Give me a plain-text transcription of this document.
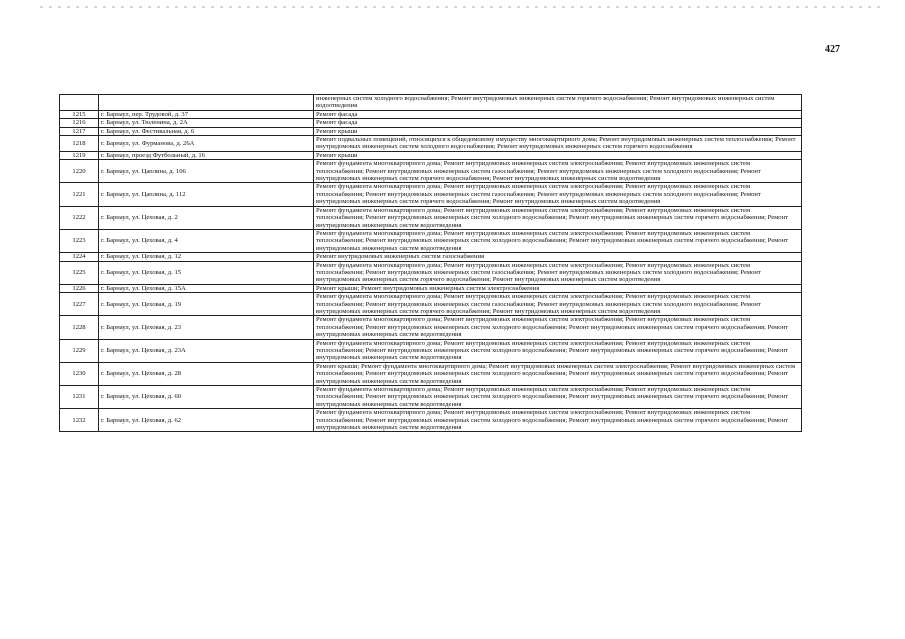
427
		инженерных систем холодного водоснабжения; Ремонт внутридомовых инженерных систем горячего водоснабжения; Ремонт внутридомовых инженерных систем водоотведения
1215	г. Барнаул, пер. Трудовой, д. 37	Ремонт фасада
1216	г. Барнаул, ул. Тюленина, д. 2А	Ремонт фасада
1217	г. Барнаул, ул. Фестивальная, д. 6	Ремонт крыши
1218	г. Барнаул, ул. Фурманова, д. 26А	Ремонт подвальных помещений, относящихся к общедомовому имуществу многоквартирного дома; Ремонт внутридомовых инженерных систем теплоснабжения; Ремонт внутридомовых инженерных систем холодного водоснабжения; Ремонт внутридомовых инженерных систем горячего водоснабжения
1219	г. Барнаул, проезд Футбольный, д. 16	Ремонт крыши
1220	г. Барнаул, ул. Цаплина, д. 106	Ремонт фундамента многоквартирного дома; Ремонт внутридомовых инженерных систем электроснабжения; Ремонт внутридомовых инженерных систем теплоснабжения; Ремонт внутридомовых инженерных систем газоснабжения; Ремонт внутридомовых инженерных систем холодного водоснабжения; Ремонт внутридомовых инженерных систем горячего водоснабжения; Ремонт внутридомовых инженерных систем водоотведения
1221	г. Барнаул, ул. Цаплина, д. 112	Ремонт фундамента многоквартирного дома; Ремонт внутридомовых инженерных систем электроснабжения; Ремонт внутридомовых инженерных систем теплоснабжения; Ремонт внутридомовых инженерных систем газоснабжения; Ремонт внутридомовых инженерных систем холодного водоснабжения; Ремонт внутридомовых инженерных систем горячего водоснабжения; Ремонт внутридомовых инженерных систем водоотведения
1222	г. Барнаул, ул. Цеховая, д. 2	Ремонт фундамента многоквартирного дома; Ремонт внутридомовых инженерных систем электроснабжения; Ремонт внутридомовых инженерных систем теплоснабжения; Ремонт внутридомовых инженерных систем холодного водоснабжения; Ремонт внутридомовых инженерных систем горячего водоснабжения; Ремонт внутридомовых инженерных систем водоотведения
1223	г. Барнаул, ул. Цеховая, д. 4	Ремонт фундамента многоквартирного дома; Ремонт внутридомовых инженерных систем электроснабжения; Ремонт внутридомовых инженерных систем теплоснабжения; Ремонт внутридомовых инженерных систем холодного водоснабжения; Ремонт внутридомовых инженерных систем горячего водоснабжения; Ремонт внутридомовых инженерных систем водоотведения
1224	г. Барнаул, ул. Цеховая, д. 12	Ремонт внутридомовых инженерных систем газоснабжения
1225	г. Барнаул, ул. Цеховая, д. 15	Ремонт фундамента многоквартирного дома; Ремонт внутридомовых инженерных систем электроснабжения; Ремонт внутридомовых инженерных систем теплоснабжения; Ремонт внутридомовых инженерных систем газоснабжения; Ремонт внутридомовых инженерных систем холодного водоснабжения; Ремонт внутридомовых инженерных систем горячего водоснабжения; Ремонт внутридомовых инженерных систем водоотведения
1226	г. Барнаул, ул. Цеховая, д. 15А	Ремонт крыши; Ремонт внутридомовых инженерных систем электроснабжения
1227	г. Барнаул, ул. Цеховая, д. 19	Ремонт фундамента многоквартирного дома; Ремонт внутридомовых инженерных систем электроснабжения; Ремонт внутридомовых инженерных систем теплоснабжения; Ремонт внутридомовых инженерных систем газоснабжения; Ремонт внутридомовых инженерных систем холодного водоснабжения; Ремонт внутридомовых инженерных систем горячего водоснабжения; Ремонт внутридомовых инженерных систем водоотведения
1228	г. Барнаул, ул. Цеховая, д. 23	Ремонт фундамента многоквартирного дома; Ремонт внутридомовых инженерных систем электроснабжения; Ремонт внутридомовых инженерных систем теплоснабжения; Ремонт внутридомовых инженерных систем холодного водоснабжения; Ремонт внутридомовых инженерных систем горячего водоснабжения; Ремонт внутридомовых инженерных систем водоотведения
1229	г. Барнаул, ул. Цеховая, д. 23А	Ремонт фундамента многоквартирного дома; Ремонт внутридомовых инженерных систем электроснабжения; Ремонт внутридомовых инженерных систем теплоснабжения; Ремонт внутридомовых инженерных систем холодного водоснабжения; Ремонт внутридомовых инженерных систем горячего водоснабжения; Ремонт внутридомовых инженерных систем водоотведения
1230	г. Барнаул, ул. Цеховая, д. 28	Ремонт крыши; Ремонт фундамента многоквартирного дома; Ремонт внутридомовых инженерных систем электроснабжения; Ремонт внутридомовых инженерных систем теплоснабжения; Ремонт внутридомовых инженерных систем холодного водоснабжения; Ремонт внутридомовых инженерных систем горячего водоснабжения; Ремонт внутридомовых инженерных систем водоотведения
1231	г. Барнаул, ул. Цеховая, д. 60	Ремонт фундамента многоквартирного дома; Ремонт внутридомовых инженерных систем электроснабжения; Ремонт внутридомовых инженерных систем теплоснабжения; Ремонт внутридомовых инженерных систем холодного водоснабжения; Ремонт внутридомовых инженерных систем горячего водоснабжения; Ремонт внутридомовых инженерных систем водоотведения
1232	г. Барнаул, ул. Цеховая, д. 62	Ремонт фундамента многоквартирного дома; Ремонт внутридомовых инженерных систем электроснабжения; Ремонт внутридомовых инженерных систем теплоснабжения; Ремонт внутридомовых инженерных систем холодного водоснабжения; Ремонт внутридомовых инженерных систем горячего водоснабжения; Ремонт внутридомовых инженерных систем водоотведения
